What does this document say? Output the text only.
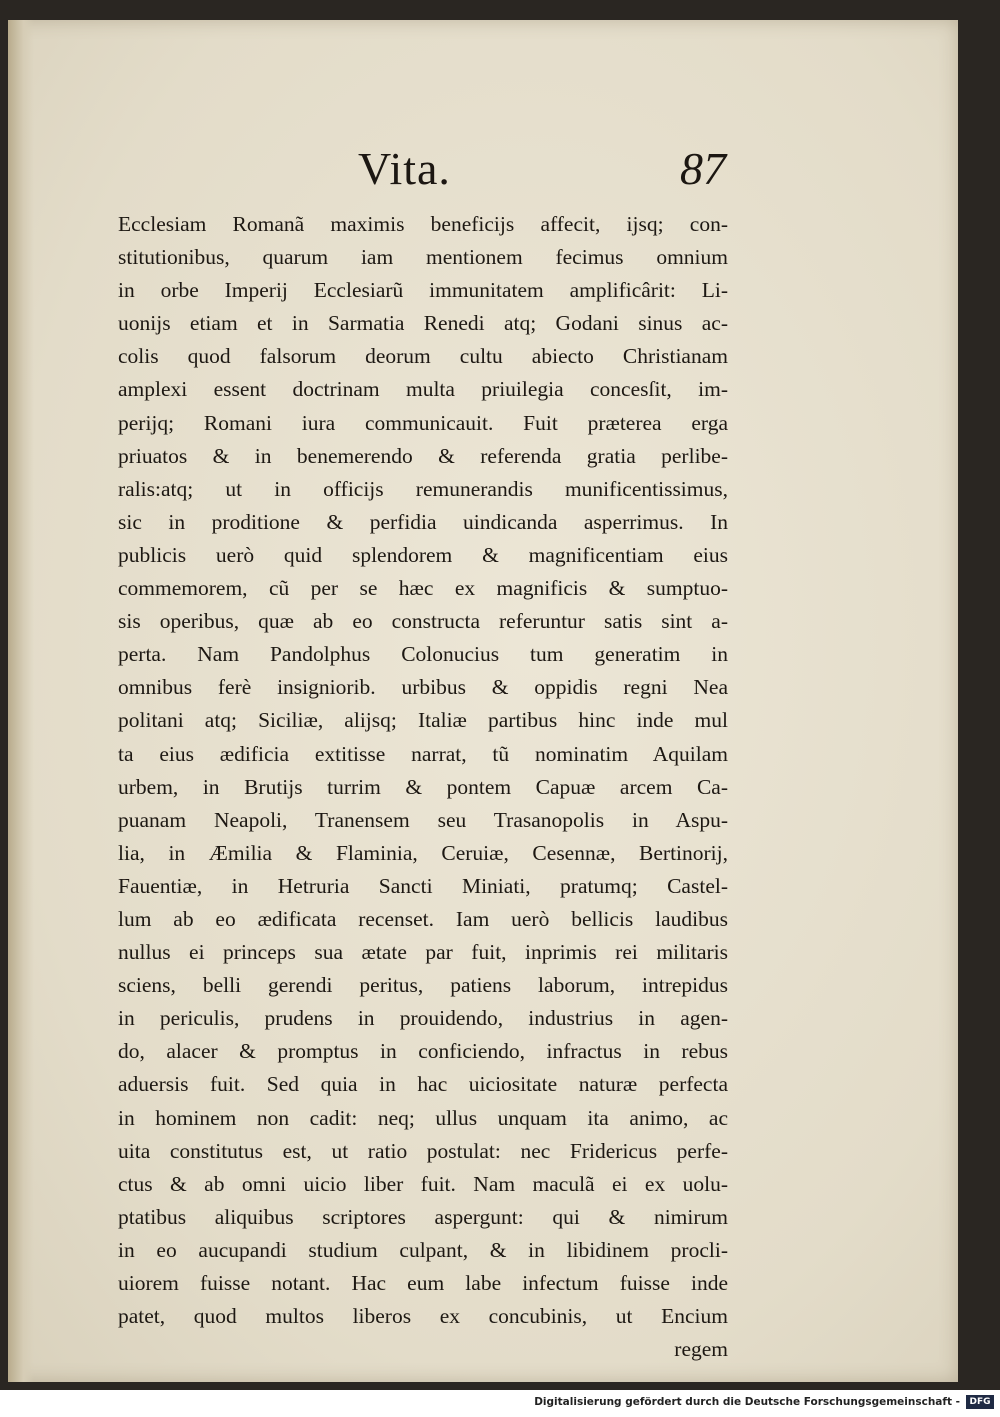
Vita.	87
Ecclesiam Romanã maximis beneficijs affecit, ijsq; con-
stitutionibus, quarum iam mentionem fecimus omnium
in orbe Imperij Ecclesiarũ immunitatem amplificârit: Li-
uonijs etiam et in Sarmatia Renedi atq; Godani sinus ac-
colis quod falsorum deorum cultu abiecto Christianam
amplexi essent doctrinam multa priuilegia concesſit, im-
perijq; Romani iura communicauit. Fuit præterea erga
priuatos & in benemerendo & referenda gratia perlibe-
ralis:atq; ut in officijs remunerandis munificentissimus,
sic in proditione & perfidia uindicanda asperrimus. In
publicis uerò quid splendorem & magnificentiam eius
commemorem, cũ per se hæc ex magnificis & sumptuo-
sis operibus, quæ ab eo constructa referuntur satis sint a-
perta. Nam Pandolphus Colonucius tum generatim in
omnibus ferè insigniorib. urbibus & oppidis regni Nea
politani atq; Siciliæ, alijsq; Italiæ partibus hinc inde mul
ta eius ædificia extitisse narrat, tũ nominatim Aquilam
urbem, in Brutijs turrim & pontem Capuæ arcem Ca-
puanam Neapoli, Tranensem seu Trasanopolis in Aspu-
lia, in Æmilia & Flaminia, Ceruiæ, Cesennæ, Bertinorij,
Fauentiæ, in Hetruria Sancti Miniati, pratumq; Castel-
lum ab eo ædificata recenset. Iam uerò bellicis laudibus
nullus ei princeps sua ætate par fuit, inprimis rei militaris
sciens, belli gerendi peritus, patiens laborum, intrepidus
in periculis, prudens in prouidendo, industrius in agen-
do, alacer & promptus in conficiendo, infractus in rebus
aduersis fuit. Sed quia in hac uiciositate naturæ perfecta
in hominem non cadit: neq; ullus unquam ita animo, ac
uita constitutus est, ut ratio postulat: nec Fridericus perfe-
ctus & ab omni uicio liber fuit. Nam maculã ei ex uolu-
ptatibus aliquibus scriptores aspergunt: qui & nimirum
in eo aucupandi studium culpant, & in libidinem procli-
uiorem fuisse notant. Hac eum labe infectum fuisse inde
patet, quod multos liberos ex concubinis, ut Encium
regem
Digitalisierung gefördert durch die Deutsche Forschungsgemeinschaft -	DFG
